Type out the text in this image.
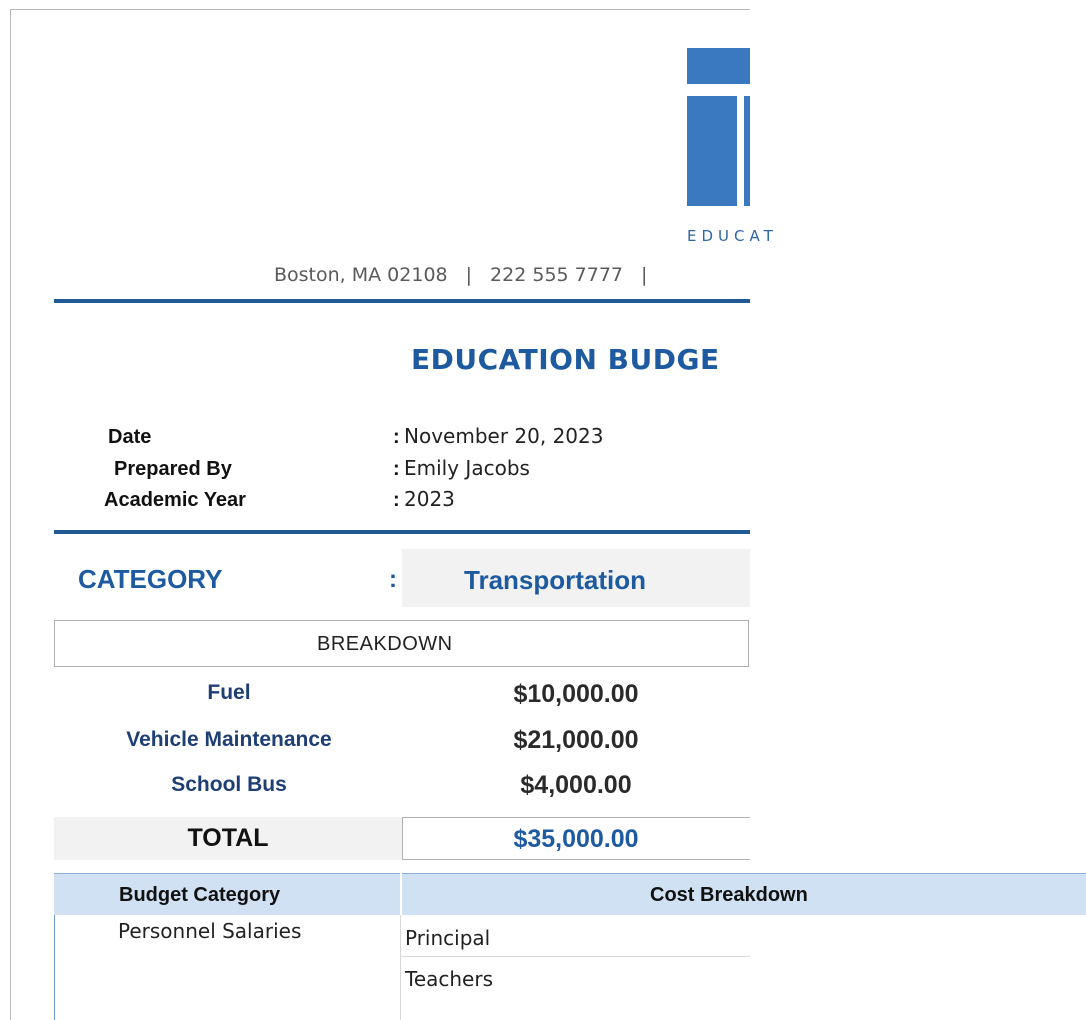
EDUCAT
Boston, MA 02108 | 222 555 7777 |
EDUCATION BUDGE
Date	: November 20, 2023
Prepared By	: Emily Jacobs
Academic Year	: 2023
CATEGORY	:	Transportation
BREAKDOWN
Fuel	$10,000.00
Vehicle Maintenance	$21,000.00
School Bus	$4,000.00
TOTAL	$35,000.00
Budget Category	Cost Breakdown
Personnel Salaries	Principal
Teachers
